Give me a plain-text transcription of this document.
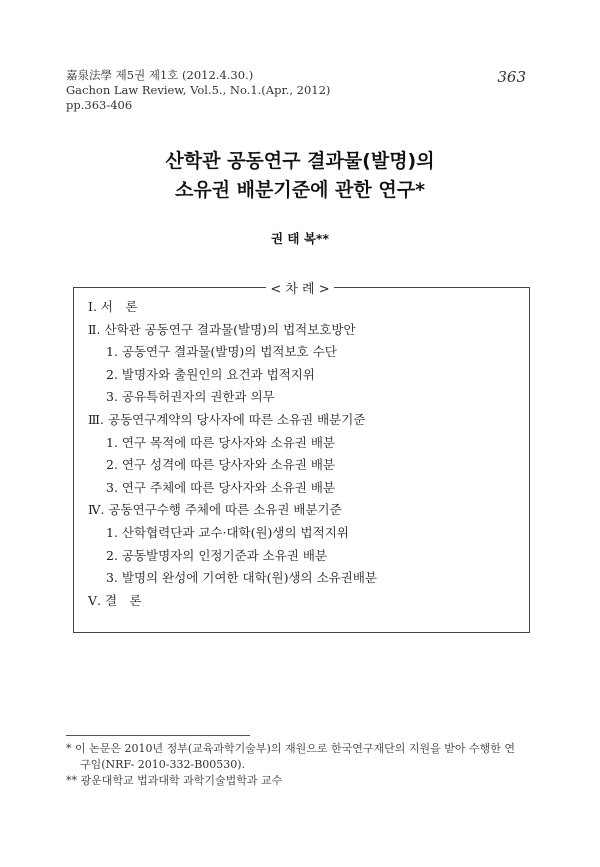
嘉泉法學 제5권 제1호 (2012.4.30.)
Gachon Law Review, Vol.5., No.1.(Apr., 2012)
pp.363-406
363
산학관 공동연구 결과물(발명)의
소유권 배분기준에 관한 연구*
권 태 복**
< 차 례 >
Ⅰ. 서　론
Ⅱ. 산학관 공동연구 결과물(발명)의 법적보호방안
1. 공동연구 결과물(발명)의 법적보호 수단
2. 발명자와 출원인의 요건과 법적지위
3. 공유특허권자의 권한과 의무
Ⅲ. 공동연구계약의 당사자에 따른 소유권 배분기준
1. 연구 목적에 따른 당사자와 소유권 배분
2. 연구 성격에 따른 당사자와 소유권 배분
3. 연구 주체에 따른 당사자와 소유권 배분
Ⅳ. 공동연구수행 주체에 따른 소유권 배분기준
1. 산학협력단과 교수·대학(원)생의 법적지위
2. 공동발명자의 인정기준과 소유권 배분
3. 발명의 완성에 기여한 대학(원)생의 소유권배분
Ⅴ. 결　론
* 이 논문은 2010년 정부(교육과학기술부)의 재원으로 한국연구재단의 지원을 받아 수행한 연
구임(NRF- 2010-332-B00530).
** 광운대학교 법과대학 과학기술법학과 교수
